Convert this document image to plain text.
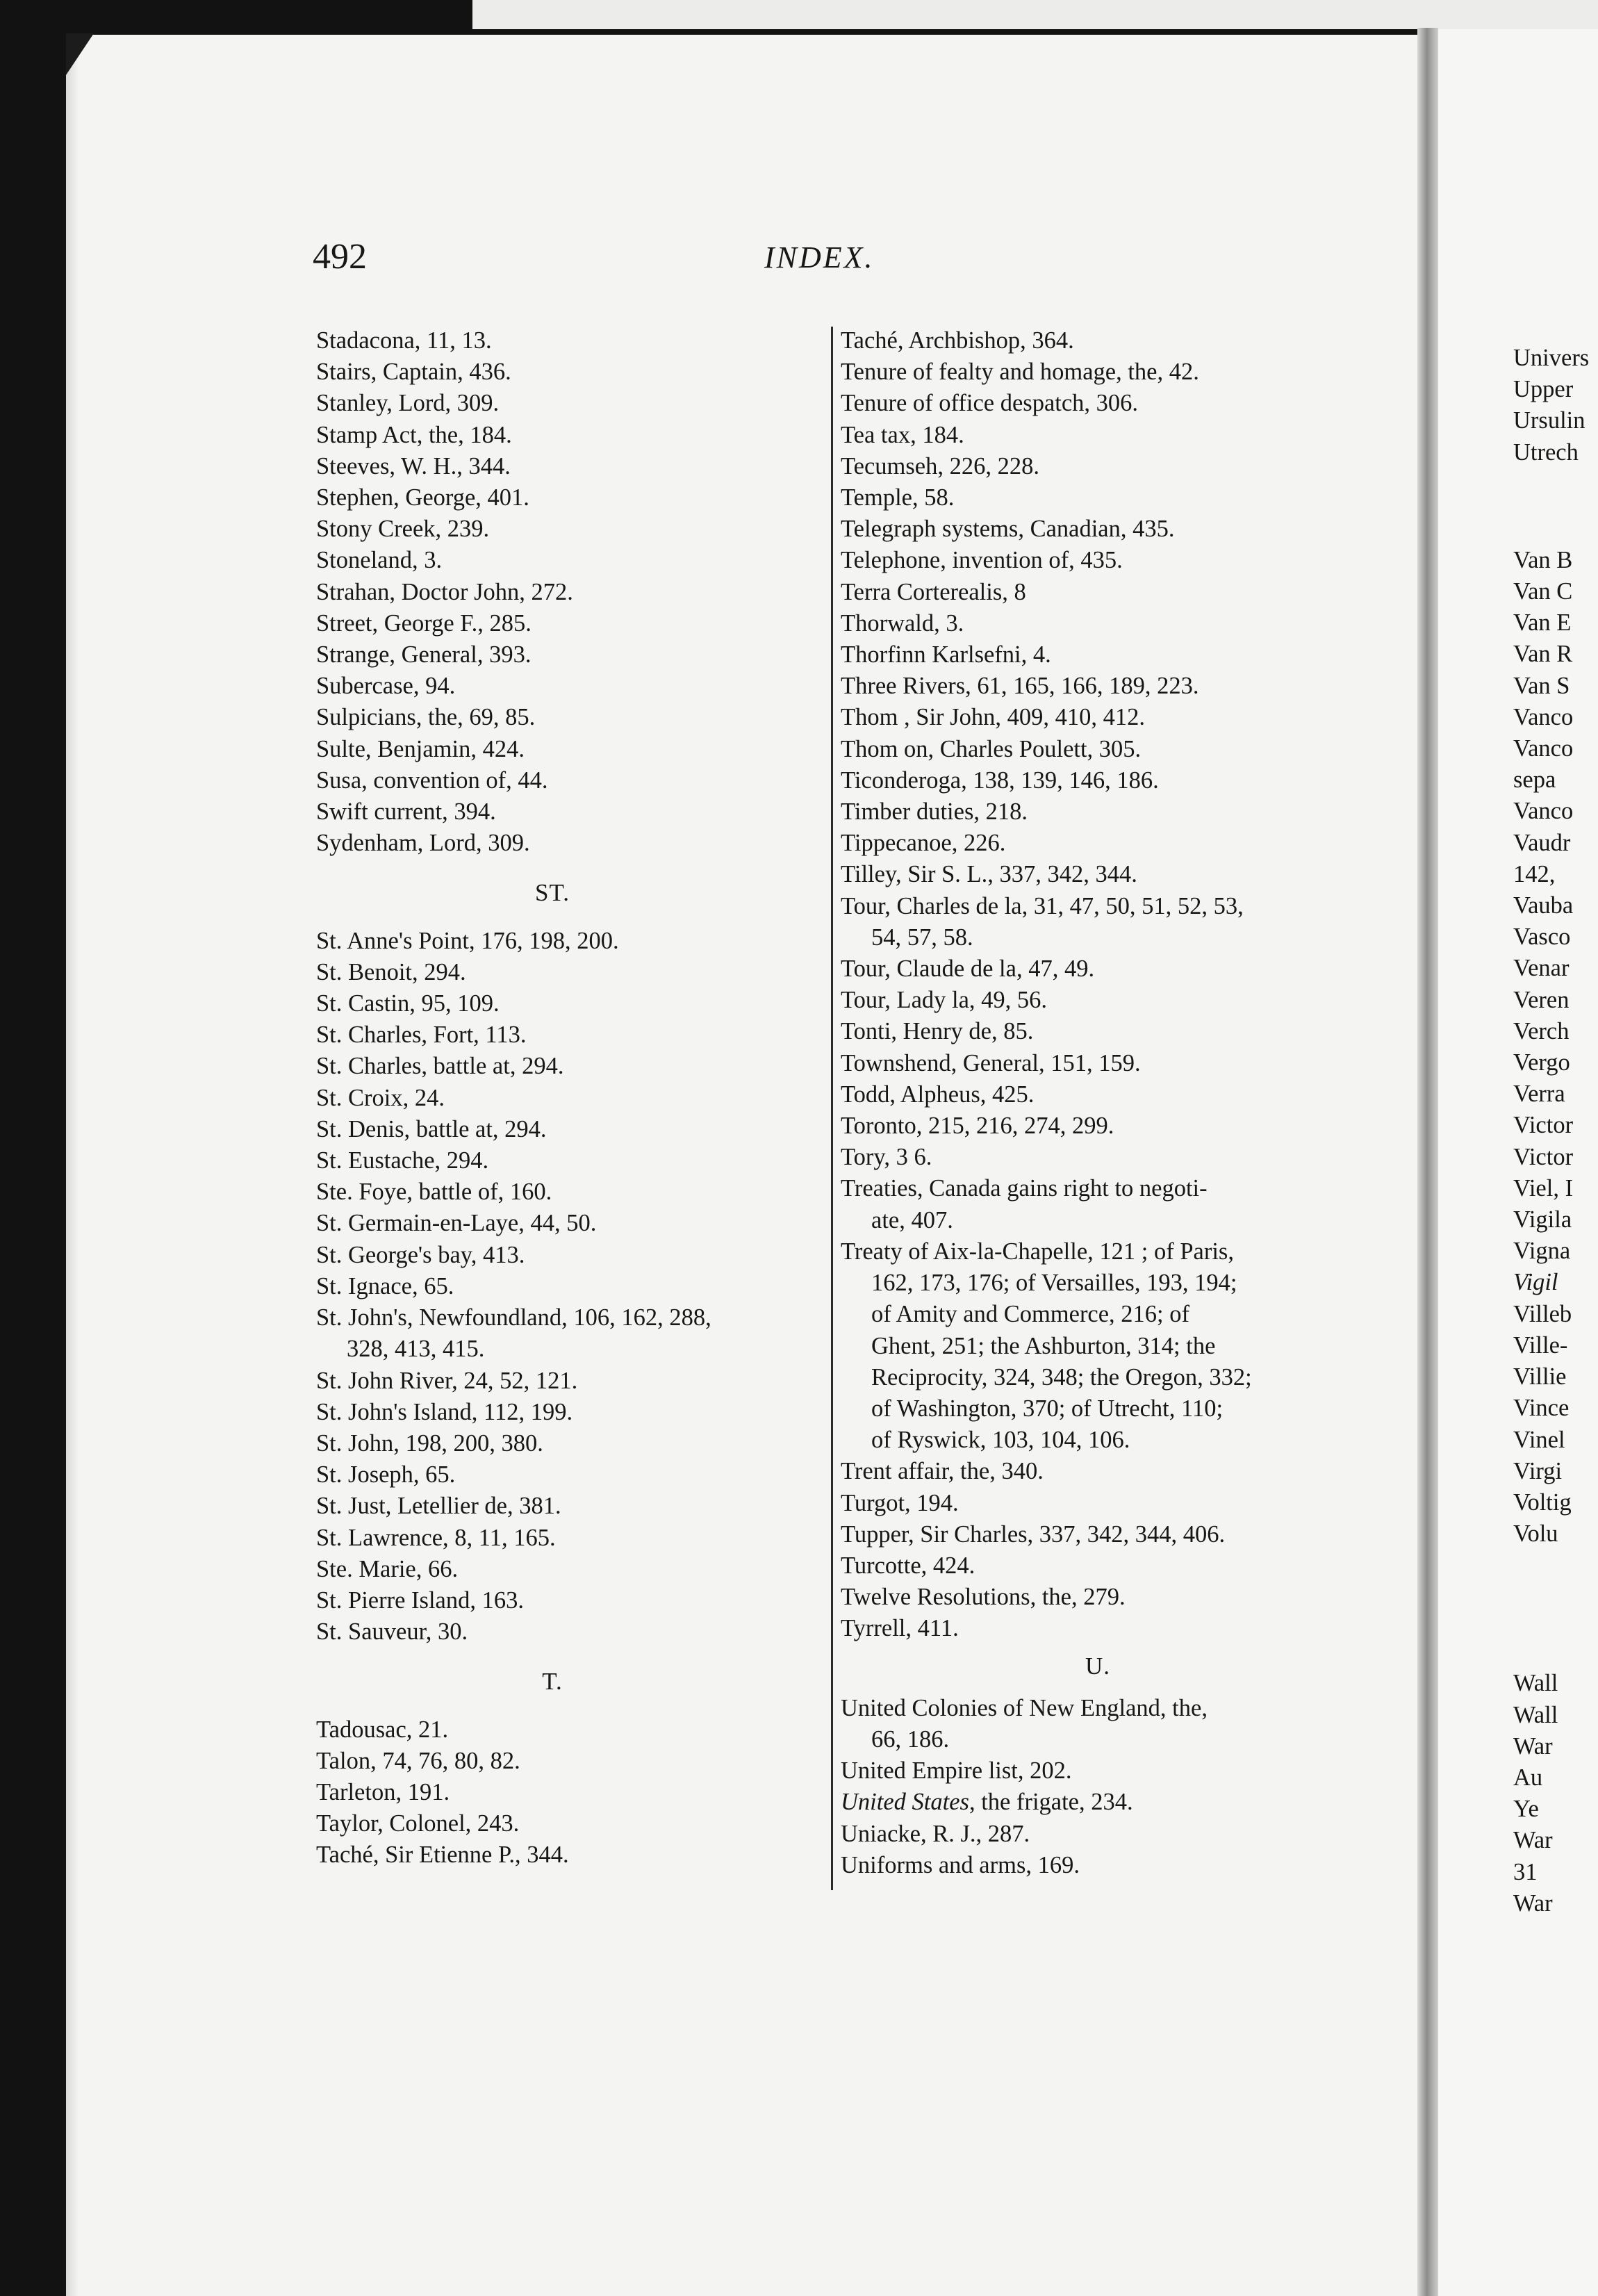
492	INDEX.
Stadacona, 11, 13.
Stairs, Captain, 436.
Stanley, Lord, 309.
Stamp Act, the, 184.
Steeves, W. H., 344.
Stephen, George, 401.
Stony Creek, 239.
Stoneland, 3.
Strahan, Doctor John, 272.
Street, George F., 285.
Strange, General, 393.
Subercase, 94.
Sulpicians, the, 69, 85.
Sulte, Benjamin, 424.
Susa, convention of, 44.
Swift current, 394.
Sydenham, Lord, 309.
ST.
St. Anne's Point, 176, 198, 200.
St. Benoit, 294.
St. Castin, 95, 109.
St. Charles, Fort, 113.
St. Charles, battle at, 294.
St. Croix, 24.
St. Denis, battle at, 294.
St. Eustache, 294.
Ste. Foye, battle of, 160.
St. Germain-en-Laye, 44, 50.
St. George's bay, 413.
St. Ignace, 65.
St. John's, Newfoundland, 106, 162, 288,
328, 413, 415.
St. John River, 24, 52, 121.
St. John's Island, 112, 199.
St. John, 198, 200, 380.
St. Joseph, 65.
St. Just, Letellier de, 381.
St. Lawrence, 8, 11, 165.
Ste. Marie, 66.
St. Pierre Island, 163.
St. Sauveur, 30.
T.
Tadousac, 21.
Talon, 74, 76, 80, 82.
Tarleton, 191.
Taylor, Colonel, 243.
Taché, Sir Etienne P., 344.
Taché, Archbishop, 364.
Tenure of fealty and homage, the, 42.
Tenure of office despatch, 306.
Tea tax, 184.
Tecumseh, 226, 228.
Temple, 58.
Telegraph systems, Canadian, 435.
Telephone, invention of, 435.
Terra Corterealis, 8
Thorwald, 3.
Thorfinn Karlsefni, 4.
Three Rivers, 61, 165, 166, 189, 223.
Thom , Sir John, 409, 410, 412.
Thom on, Charles Poulett, 305.
Ticonderoga, 138, 139, 146, 186.
Timber duties, 218.
Tippecanoe, 226.
Tilley, Sir S. L., 337, 342, 344.
Tour, Charles de la, 31, 47, 50, 51, 52, 53,
54, 57, 58.
Tour, Claude de la, 47, 49.
Tour, Lady la, 49, 56.
Tonti, Henry de, 85.
Townshend, General, 151, 159.
Todd, Alpheus, 425.
Toronto, 215, 216, 274, 299.
Tory, 3 6.
Treaties, Canada gains right to negoti-
ate, 407.
Treaty of Aix-la-Chapelle, 121 ; of Paris,
162, 173, 176; of Versailles, 193, 194;
of Amity and Commerce, 216; of
Ghent, 251; the Ashburton, 314; the
Reciprocity, 324, 348; the Oregon, 332;
of Washington, 370; of Utrecht, 110;
of Ryswick, 103, 104, 106.
Trent affair, the, 340.
Turgot, 194.
Tupper, Sir Charles, 337, 342, 344, 406.
Turcotte, 424.
Twelve Resolutions, the, 279.
Tyrrell, 411.
U.
United Colonies of New England, the,
66, 186.
United Empire list, 202.
United States, the frigate, 234.
Uniacke, R. J., 287.
Uniforms and arms, 169.
Univers
Upper
Ursulin
Utrech
Van B
Van C
Van E
Van R
Van S
Vanco
Vanco
sepa
Vanco
Vaudr
142,
Vauba
Vasco
Venar
Veren
Verch
Vergo
Verra
Victor
Victor
Viel, I
Vigila
Vigna
Vigil
Villeb
Ville-
Villie
Vince
Vinel
Virgi
Voltig
Volu
Wall
Wall
War
Au
Ye
War
31
War
